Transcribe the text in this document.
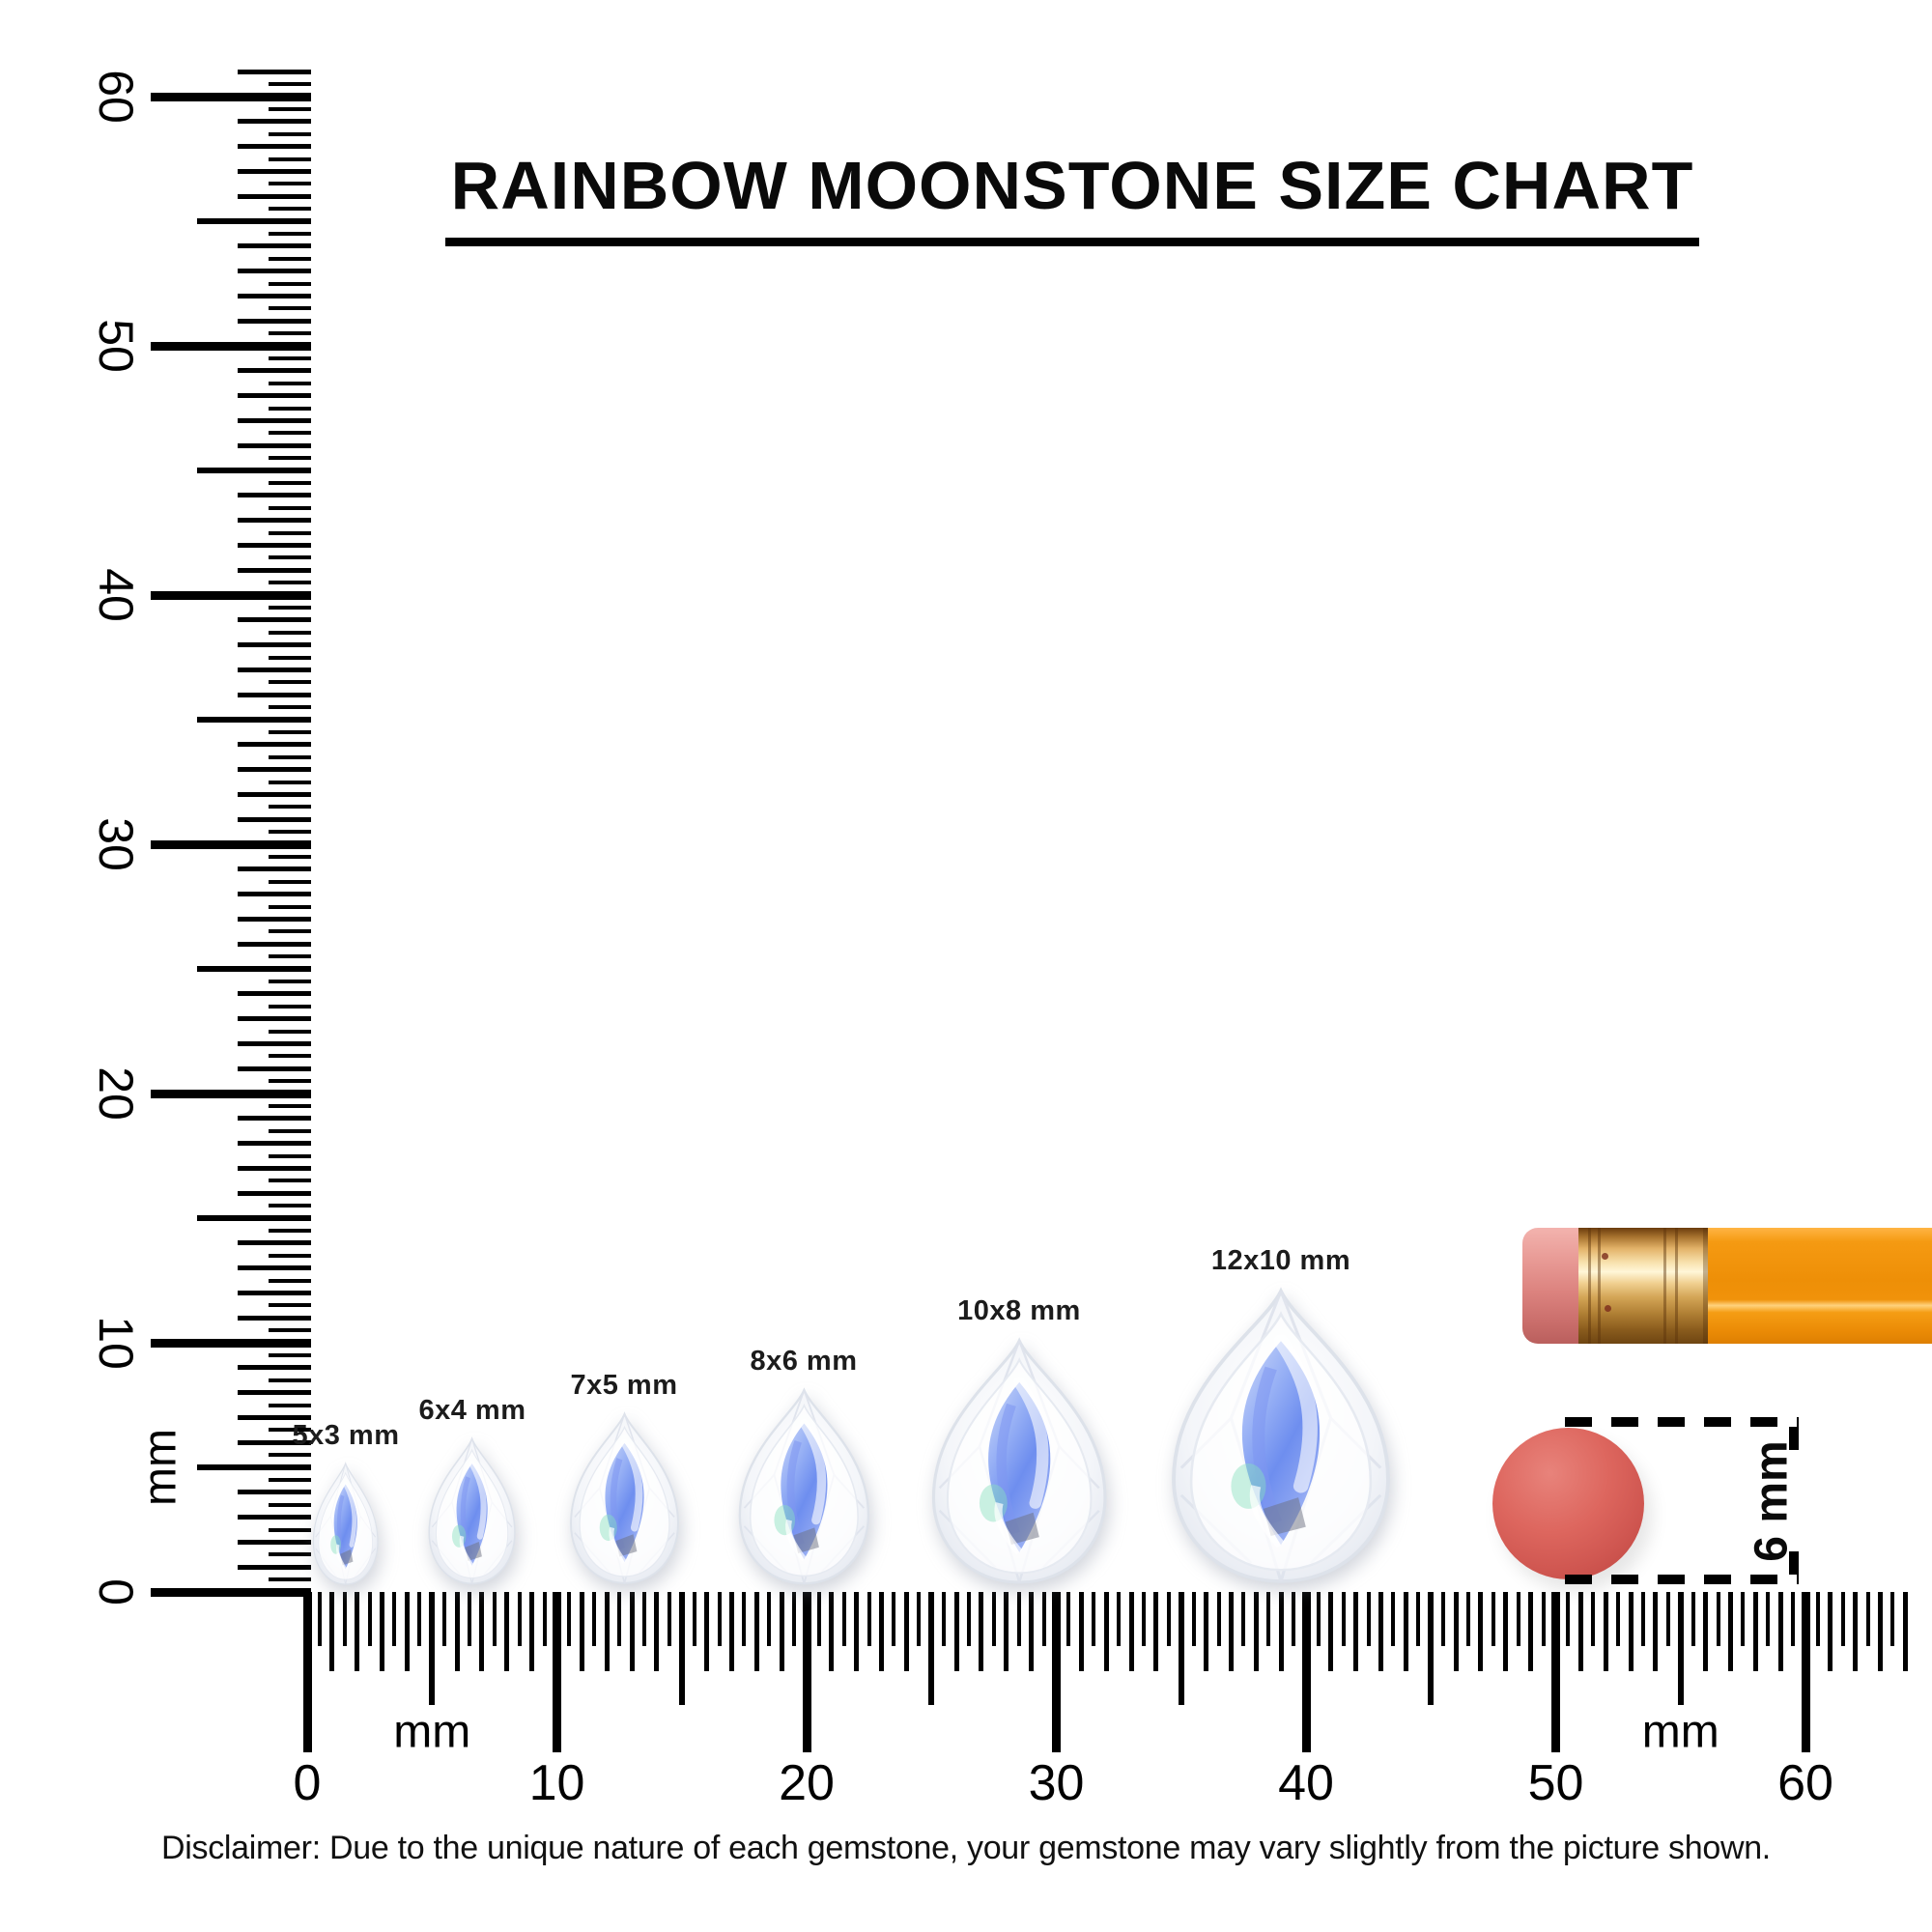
RAINBOW MOONSTONE SIZE CHART
60
50
40
30
20
10
0
mm
0	10	20	30	40	50	60
mm	mm
5x3 mm
6x4 mm
7x5 mm
8x6 mm
10x8 mm
12x10 mm
6 mm
Disclaimer: Due to the unique nature of each gemstone, your gemstone may vary slightly from the picture shown.
